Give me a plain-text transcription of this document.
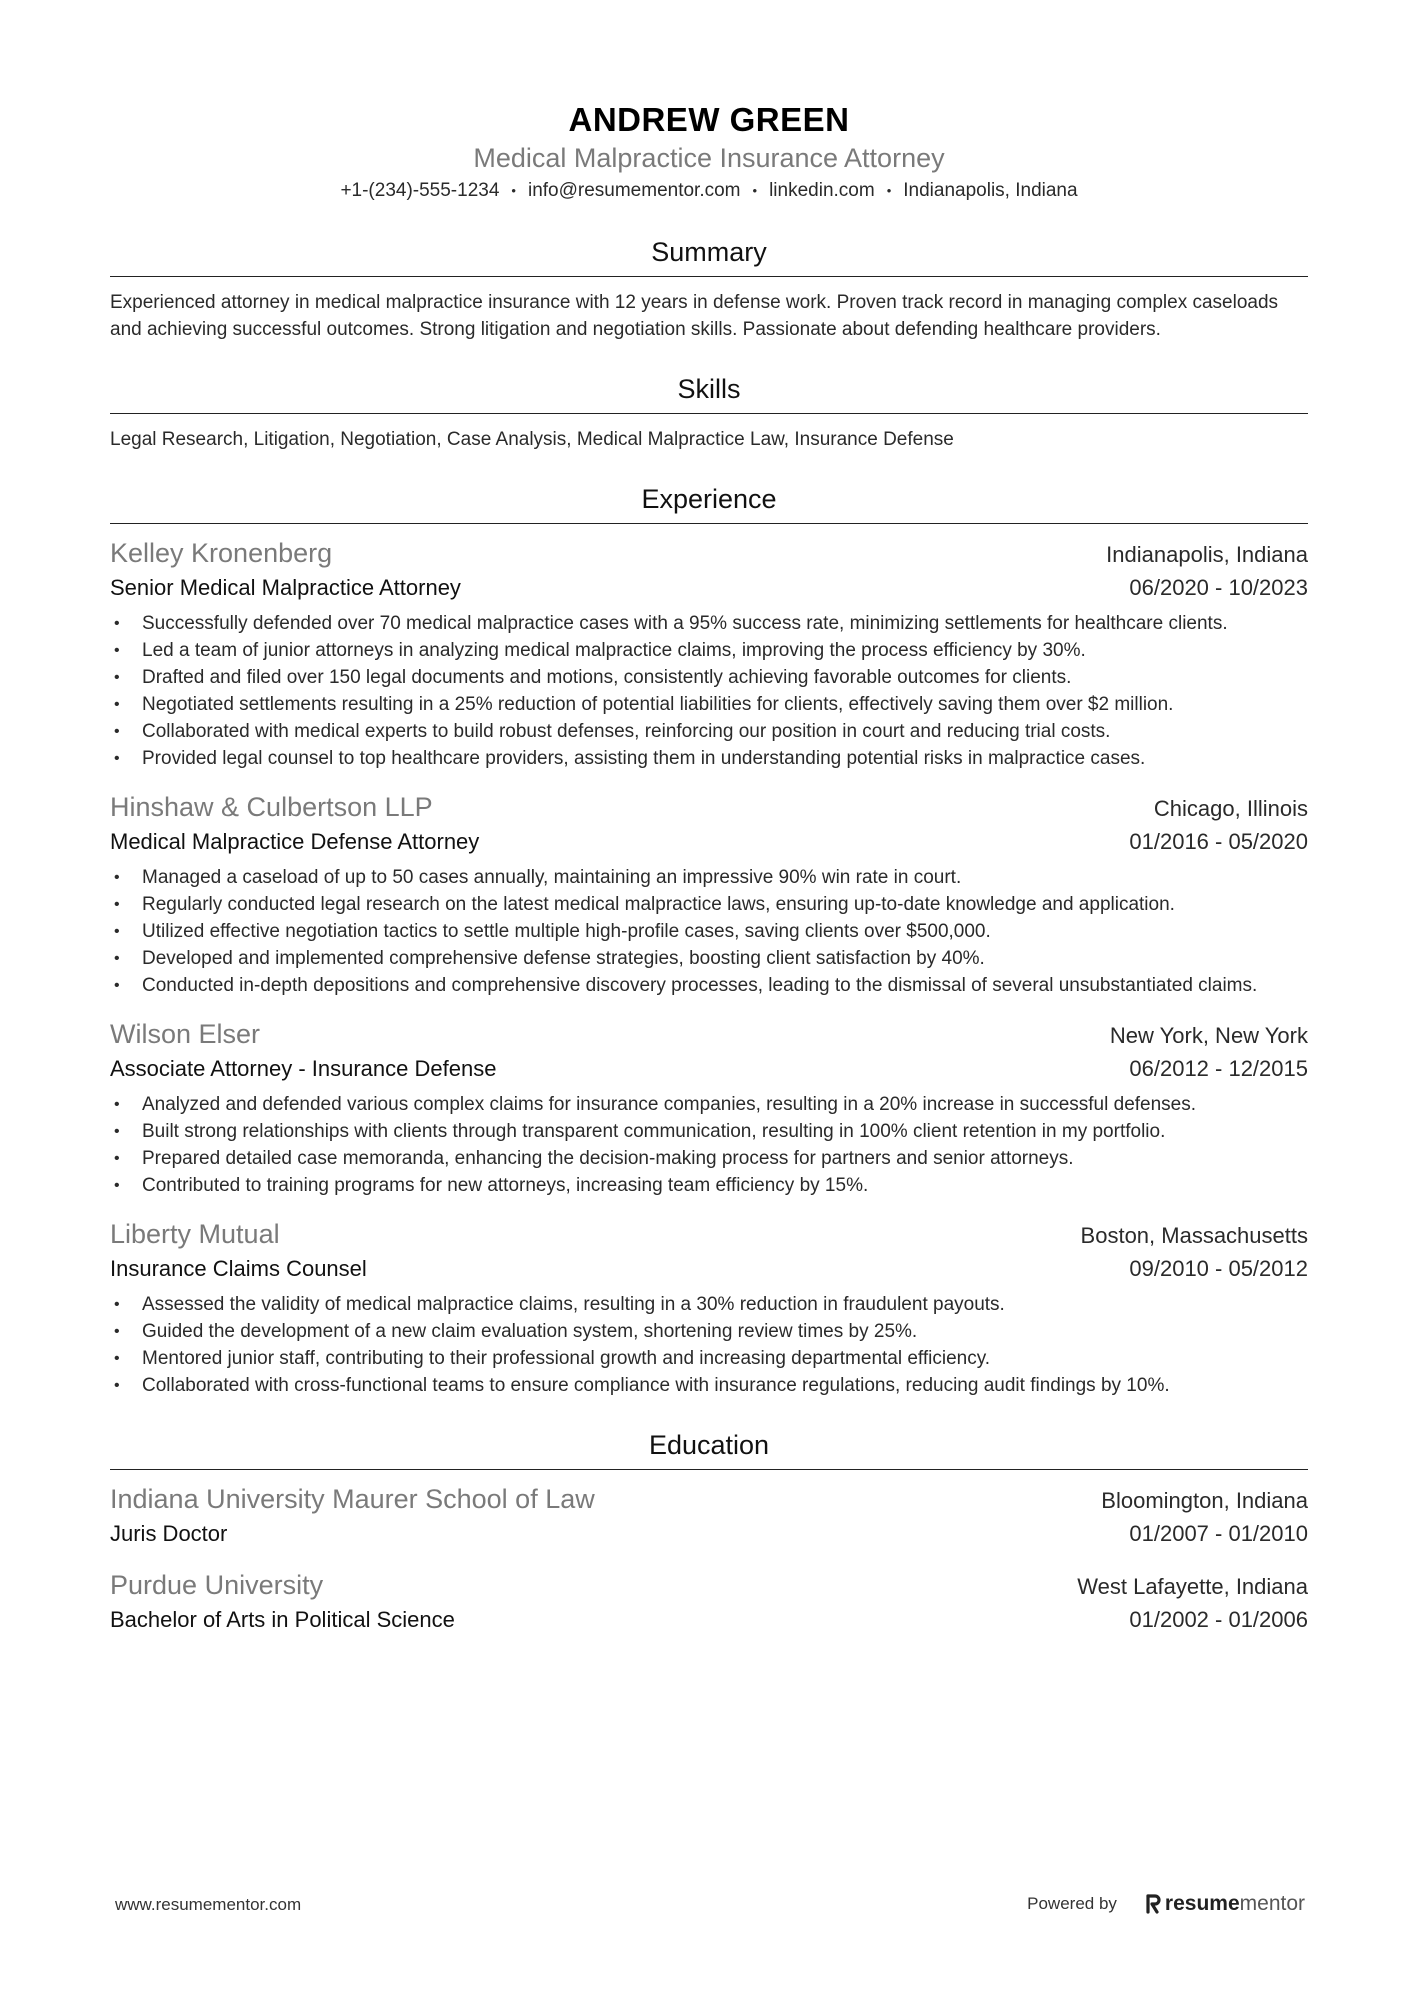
ANDREW GREEN
Medical Malpractice Insurance Attorney
+1-(234)-555-1234 • info@resumementor.com • linkedin.com • Indianapolis, Indiana
Summary
Experienced attorney in medical malpractice insurance with 12 years in defense work. Proven track record in managing complex caseloads and achieving successful outcomes. Strong litigation and negotiation skills. Passionate about defending healthcare providers.
Skills
Legal Research, Litigation, Negotiation, Case Analysis, Medical Malpractice Law, Insurance Defense
Experience
Kelley Kronenberg	Indianapolis, Indiana
Senior Medical Malpractice Attorney	06/2020 - 10/2023
• Successfully defended over 70 medical malpractice cases with a 95% success rate, minimizing settlements for healthcare clients.
• Led a team of junior attorneys in analyzing medical malpractice claims, improving the process efficiency by 30%.
• Drafted and filed over 150 legal documents and motions, consistently achieving favorable outcomes for clients.
• Negotiated settlements resulting in a 25% reduction of potential liabilities for clients, effectively saving them over $2 million.
• Collaborated with medical experts to build robust defenses, reinforcing our position in court and reducing trial costs.
• Provided legal counsel to top healthcare providers, assisting them in understanding potential risks in malpractice cases.
Hinshaw & Culbertson LLP	Chicago, Illinois
Medical Malpractice Defense Attorney	01/2016 - 05/2020
• Managed a caseload of up to 50 cases annually, maintaining an impressive 90% win rate in court.
• Regularly conducted legal research on the latest medical malpractice laws, ensuring up-to-date knowledge and application.
• Utilized effective negotiation tactics to settle multiple high-profile cases, saving clients over $500,000.
• Developed and implemented comprehensive defense strategies, boosting client satisfaction by 40%.
• Conducted in-depth depositions and comprehensive discovery processes, leading to the dismissal of several unsubstantiated claims.
Wilson Elser	New York, New York
Associate Attorney - Insurance Defense	06/2012 - 12/2015
• Analyzed and defended various complex claims for insurance companies, resulting in a 20% increase in successful defenses.
• Built strong relationships with clients through transparent communication, resulting in 100% client retention in my portfolio.
• Prepared detailed case memoranda, enhancing the decision-making process for partners and senior attorneys.
• Contributed to training programs for new attorneys, increasing team efficiency by 15%.
Liberty Mutual	Boston, Massachusetts
Insurance Claims Counsel	09/2010 - 05/2012
• Assessed the validity of medical malpractice claims, resulting in a 30% reduction in fraudulent payouts.
• Guided the development of a new claim evaluation system, shortening review times by 25%.
• Mentored junior staff, contributing to their professional growth and increasing departmental efficiency.
• Collaborated with cross-functional teams to ensure compliance with insurance regulations, reducing audit findings by 10%.
Education
Indiana University Maurer School of Law	Bloomington, Indiana
Juris Doctor	01/2007 - 01/2010
Purdue University	West Lafayette, Indiana
Bachelor of Arts in Political Science	01/2002 - 01/2006
www.resumementor.com	Powered by resumementor
